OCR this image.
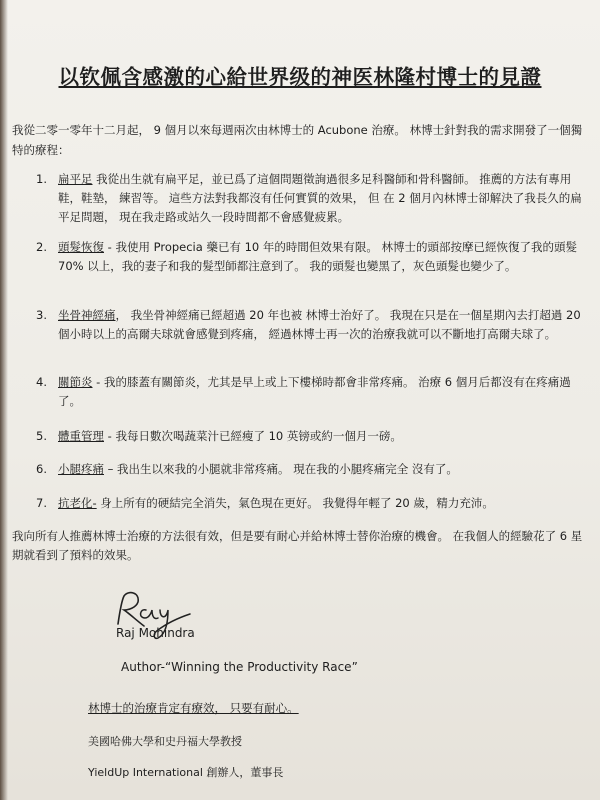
以钦佩含感激的心給世界级的神医林隆村博士的見證
我從二零一零年十二月起， 9 個月以來每週兩次由林博士的 Acubone 治療。 林博士針對我的需求開發了一個獨特的療程：
1. 扁平足 我從出生就有扁平足，並已爲了這個問題徵詢過很多足科醫師和骨科醫師。 推薦的方法有專用鞋，鞋墊， 練習等。 這些方法對我都沒有任何實質的效果， 但 在 2 個月內林博士卻解決了我長久的扁平足問題， 現在我走路或站久一段時間都不會感覺疲累。
2. 頭髮恢復 - 我使用 Propecia 藥已有 10 年的時間但效果有限。 林博士的頭部按摩已經恢復了我的頭髮 70% 以上，我的妻子和我的髮型師都注意到了。 我的頭髮也變黑了，灰色頭髮也變少了。
3. 坐骨神經痛， 我坐骨神經痛已經超過 20 年也被 林博士治好了。 我現在只是在一個星期內去打超過 20 個小時以上的高爾夫球就會感覺到疼痛， 經過林博士再一次的治療我就可以不斷地打高爾夫球了。
4. 關節炎 - 我的膝蓋有關節炎，尤其是早上或上下樓梯時都會非常疼痛。 治療 6 個月后都沒有在疼痛過了。
5. 體重管理 - 我每日數次喝蔬菜汁已經瘦了 10 英镑或約一個月一磅。
6. 小腿疼痛 – 我出生以來我的小腿就非常疼痛。 現在我的小腿疼痛完全 沒有了。
7. 抗老化- 身上所有的硬結完全消失，氣色現在更好。 我覺得年輕了 20 歲，精力充沛。
我向所有人推薦林博士治療的方法很有效，但是要有耐心并給林博士替你治療的機會。 在我個人的經驗花了 6 星期就看到了預料的效果。
Raj Mohindra
Author-“Winning the Productivity Race”
林博士的治療肯定有療效， 只要有耐心。
美國哈佛大學和史丹福大學教授
YieldUp International 創辦人，董事長
